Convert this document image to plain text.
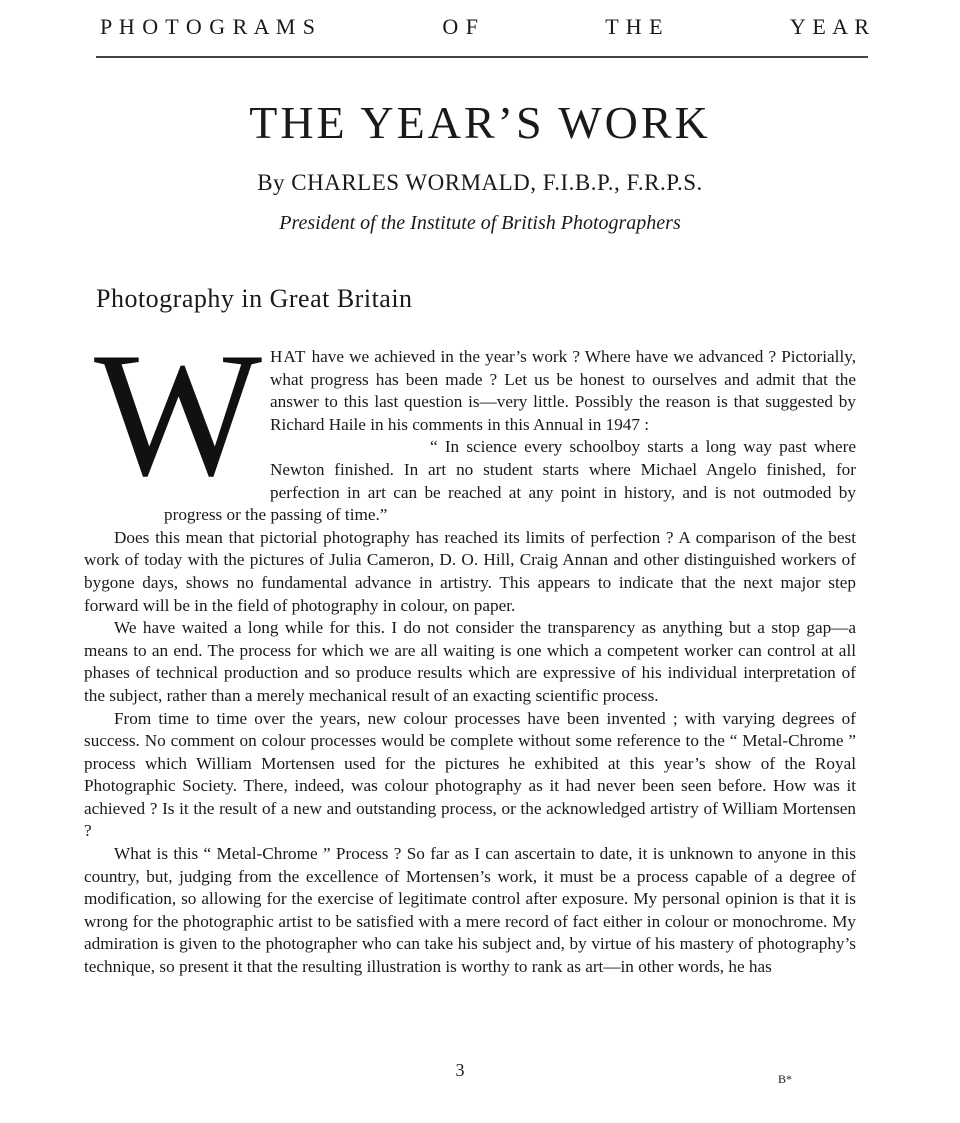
P H O T O G R A M S	O F	T H E	Y E A R
THE YEAR’S WORK
By CHARLES WORMALD, F.I.B.P., F.R.P.S.
President of the Institute of British Photographers
Photography in Great Britain

W HAT have we achieved in the year’s work ? Where have we advanced ? Pictorially, what progress has been made ? Let us be honest to ourselves and admit that the answer to this last question is—very little. Possibly the reason is that suggested by Richard Haile in his comments in this Annual in 1947 :

“ In science every schoolboy starts a long way past where Newton finished. In art no student starts where Michael Angelo finished, for perfection in art can be reached at any point in history, and is not outmoded by progress or the passing of time.”

Does this mean that pictorial photography has reached its limits of perfection ? A comparison of the best work of today with the pictures of Julia Cameron, D. O. Hill, Craig Annan and other distinguished workers of bygone days, shows no fundamental advance in artistry. This appears to indicate that the next major step forward will be in the field of photography in colour, on paper.

We have waited a long while for this. I do not consider the transparency as anything but a stop gap—a means to an end. The process for which we are all waiting is one which a competent worker can control at all phases of technical production and so produce results which are expressive of his individual interpretation of the subject, rather than a merely mechanical result of an exacting scientific process.

From time to time over the years, new colour processes have been invented ; with varying degrees of success. No comment on colour processes would be complete without some reference to the “ Metal-Chrome ” process which William Mortensen used for the pictures he exhibited at this year’s show of the Royal Photographic Society. There, indeed, was colour photography as it had never been seen before. How was it achieved ? Is it the result of a new and outstanding process, or the acknowledged artistry of William Mortensen ?

What is this “ Metal-Chrome ” Process ? So far as I can ascertain to date, it is unknown to anyone in this country, but, judging from the excellence of Mortensen’s work, it must be a process capable of a degree of modification, so allowing for the exercise of legitimate control after exposure. My personal opinion is that it is wrong for the photographic artist to be satisfied with a mere record of fact either in colour or monochrome. My admiration is given to the photographer who can take his subject and, by virtue of his mastery of photography’s technique, so present it that the resulting illustration is worthy to rank as art—in other words, he has

3	B*
